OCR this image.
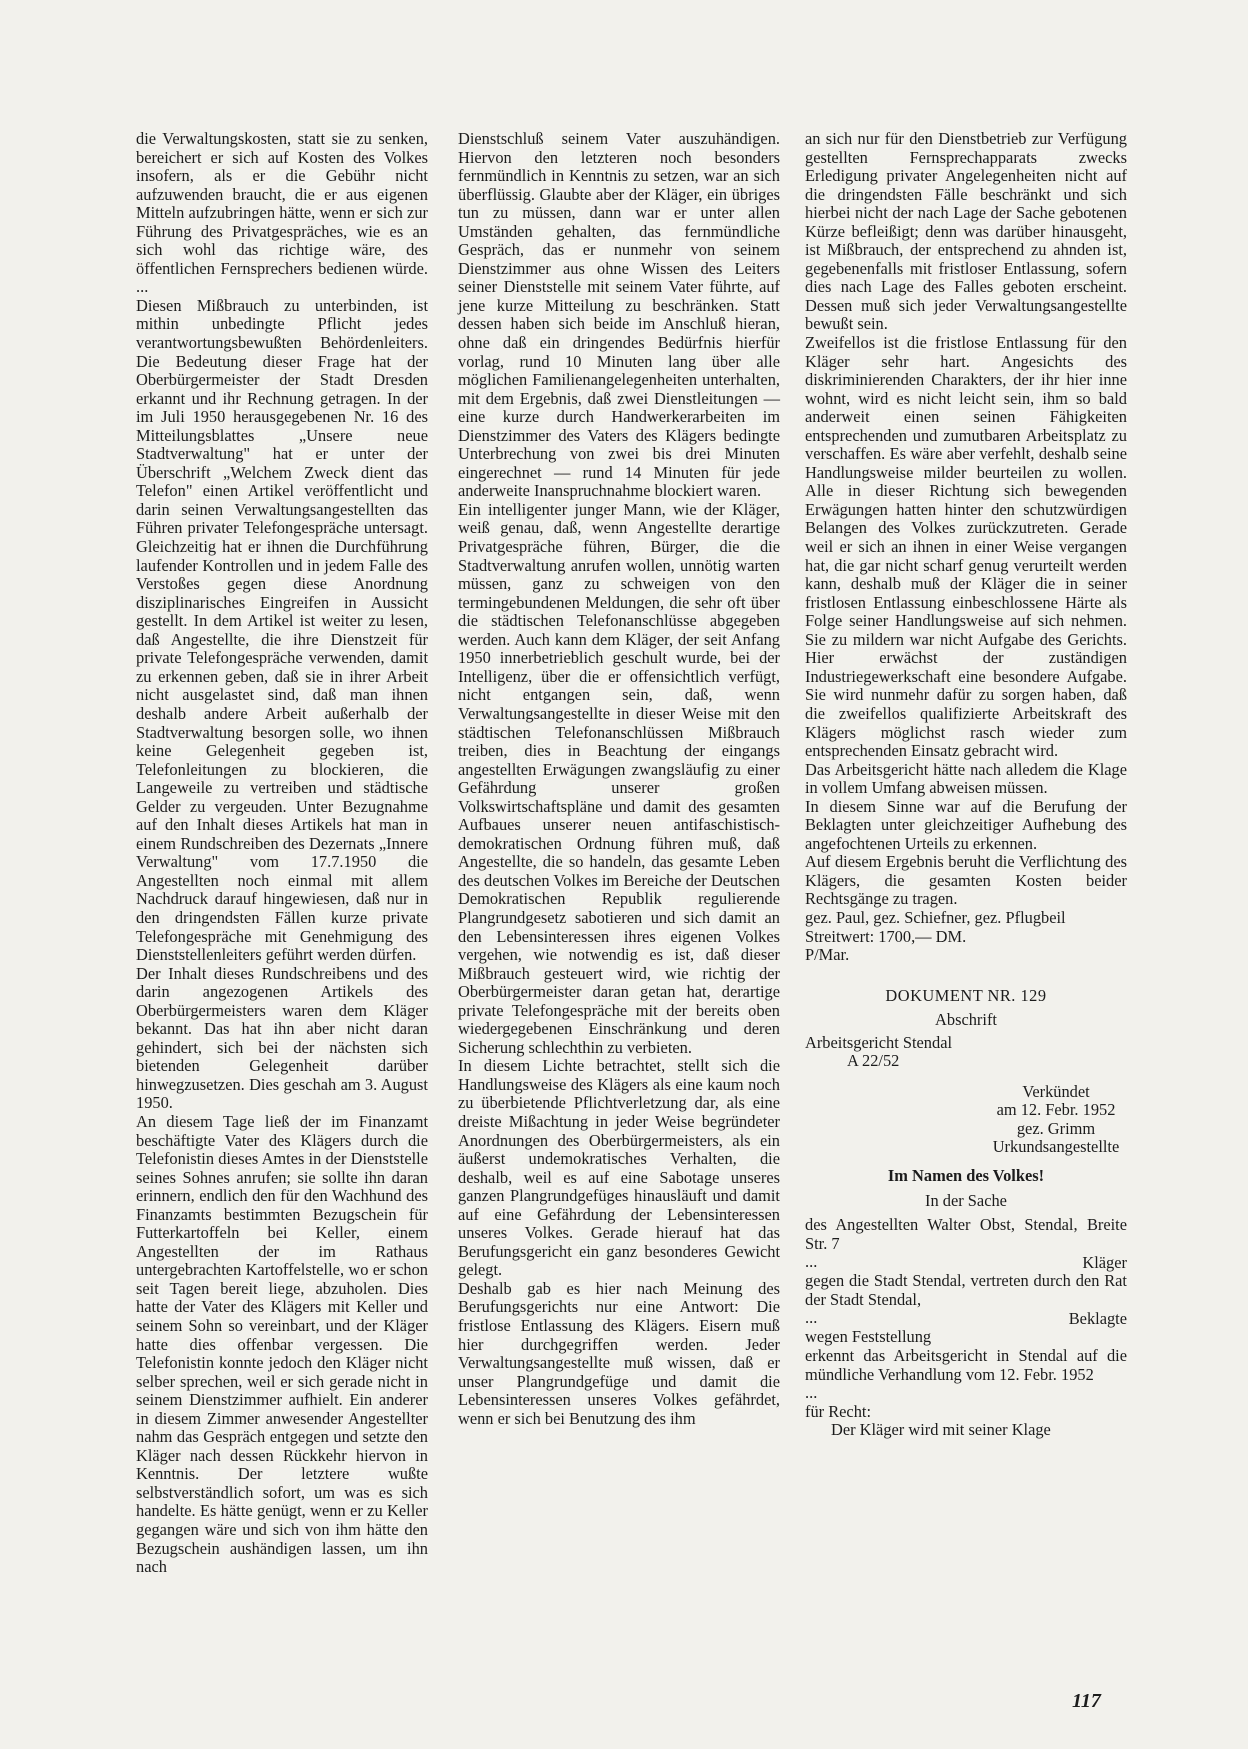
die Verwaltungskosten, statt sie zu senken, bereichert er sich auf Kosten des Volkes insofern, als er die Gebühr nicht aufzuwenden braucht, die er aus eigenen Mitteln aufzubringen hätte, wenn er sich zur Führung des Privatgespräches, wie es an sich wohl das richtige wäre, des öffentlichen Fernsprechers bedienen würde. ...

Diesen Mißbrauch zu unterbinden, ist mithin unbedingte Pflicht jedes verantwortungsbewußten Behördenleiters. Die Bedeutung dieser Frage hat der Oberbürgermeister der Stadt Dresden erkannt und ihr Rechnung getragen. In der im Juli 1950 herausgegebenen Nr. 16 des Mitteilungsblattes „Unsere neue Stadtverwaltung" hat er unter der Überschrift „Welchem Zweck dient das Telefon" einen Artikel veröffentlicht und darin seinen Verwaltungsangestellten das Führen privater Telefongespräche untersagt. Gleichzeitig hat er ihnen die Durchführung laufender Kontrollen und in jedem Falle des Verstoßes gegen diese Anordnung disziplinarisches Eingreifen in Aussicht gestellt. In dem Artikel ist weiter zu lesen, daß Angestellte, die ihre Dienstzeit für private Telefongespräche verwenden, damit zu erkennen geben, daß sie in ihrer Arbeit nicht ausgelastet sind, daß man ihnen deshalb andere Arbeit außerhalb der Stadtverwaltung besorgen solle, wo ihnen keine Gelegenheit gegeben ist, Telefonleitungen zu blockieren, die Langeweile zu vertreiben und städtische Gelder zu vergeuden. Unter Bezugnahme auf den Inhalt dieses Artikels hat man in einem Rundschreiben des Dezernats „Innere Verwaltung" vom 17.7.1950 die Angestellten noch einmal mit allem Nachdruck darauf hingewiesen, daß nur in den dringendsten Fällen kurze private Telefongespräche mit Genehmigung des Dienststellenleiters geführt werden dürfen.

Der Inhalt dieses Rundschreibens und des darin angezogenen Artikels des Oberbürgermeisters waren dem Kläger bekannt. Das hat ihn aber nicht daran gehindert, sich bei der nächsten sich bietenden Gelegenheit darüber hinwegzusetzen. Dies geschah am 3. August 1950.

An diesem Tage ließ der im Finanzamt beschäftigte Vater des Klägers durch die Telefonistin dieses Amtes in der Dienststelle seines Sohnes anrufen; sie sollte ihn daran erinnern, endlich den für den Wachhund des Finanzamts bestimmten Bezugschein für Futterkartoffeln bei Keller, einem Angestellten der im Rathaus untergebrachten Kartoffelstelle, wo er schon seit Tagen bereit liege, abzuholen. Dies hatte der Vater des Klägers mit Keller und seinem Sohn so vereinbart, und der Kläger hatte dies offenbar vergessen. Die Telefonistin konnte jedoch den Kläger nicht selber sprechen, weil er sich gerade nicht in seinem Dienstzimmer aufhielt. Ein anderer in diesem Zimmer anwesender Angestellter nahm das Gespräch entgegen und setzte den Kläger nach dessen Rückkehr hiervon in Kenntnis. Der letztere wußte selbstverständlich sofort, um was es sich handelte. Es hätte genügt, wenn er zu Keller gegangen wäre und sich von ihm hätte den Bezugschein aushändigen lassen, um ihn nach

Dienstschluß seinem Vater auszuhändigen. Hiervon den letzteren noch besonders fernmündlich in Kenntnis zu setzen, war an sich überflüssig. Glaubte aber der Kläger, ein übriges tun zu müssen, dann war er unter allen Umständen gehalten, das fernmündliche Gespräch, das er nunmehr von seinem Dienstzimmer aus ohne Wissen des Leiters seiner Dienststelle mit seinem Vater führte, auf jene kurze Mitteilung zu beschränken. Statt dessen haben sich beide im Anschluß hieran, ohne daß ein dringendes Bedürfnis hierfür vorlag, rund 10 Minuten lang über alle möglichen Familienangelegenheiten unterhalten, mit dem Ergebnis, daß zwei Dienstleitungen — eine kurze durch Handwerkerarbeiten im Dienstzimmer des Vaters des Klägers bedingte Unterbrechung von zwei bis drei Minuten eingerechnet — rund 14 Minuten für jede anderweite Inanspruchnahme blockiert waren.

Ein intelligenter junger Mann, wie der Kläger, weiß genau, daß, wenn Angestellte derartige Privatgespräche führen, Bürger, die die Stadtverwaltung anrufen wollen, unnötig warten müssen, ganz zu schweigen von den termingebundenen Meldungen, die sehr oft über die städtischen Telefonanschlüsse abgegeben werden. Auch kann dem Kläger, der seit Anfang 1950 innerbetrieblich geschult wurde, bei der Intelligenz, über die er offensichtlich verfügt, nicht entgangen sein, daß, wenn Verwaltungsangestellte in dieser Weise mit den städtischen Telefonanschlüssen Mißbrauch treiben, dies in Beachtung der eingangs angestellten Erwägungen zwangsläufig zu einer Gefährdung unserer großen Volkswirtschaftspläne und damit des gesamten Aufbaues unserer neuen antifaschistisch-demokratischen Ordnung führen muß, daß Angestellte, die so handeln, das gesamte Leben des deutschen Volkes im Bereiche der Deutschen Demokratischen Republik regulierende Plangrundgesetz sabotieren und sich damit an den Lebensinteressen ihres eigenen Volkes vergehen, wie notwendig es ist, daß dieser Mißbrauch gesteuert wird, wie richtig der Oberbürgermeister daran getan hat, derartige private Telefongespräche mit der bereits oben wiedergegebenen Einschränkung und deren Sicherung schlechthin zu verbieten.

In diesem Lichte betrachtet, stellt sich die Handlungsweise des Klägers als eine kaum noch zu überbietende Pflichtverletzung dar, als eine dreiste Mißachtung in jeder Weise begründeter Anordnungen des Oberbürgermeisters, als ein äußerst undemokratisches Verhalten, die deshalb, weil es auf eine Sabotage unseres ganzen Plangrundgefüges hinausläuft und damit auf eine Gefährdung der Lebensinteressen unseres Volkes. Gerade hierauf hat das Berufungsgericht ein ganz besonderes Gewicht gelegt.

Deshalb gab es hier nach Meinung des Berufungsgerichts nur eine Antwort: Die fristlose Entlassung des Klägers. Eisern muß hier durchgegriffen werden. Jeder Verwaltungsangestellte muß wissen, daß er unser Plangrundgefüge und damit die Lebensinteressen unseres Volkes gefährdet, wenn er sich bei Benutzung des ihm

an sich nur für den Dienstbetrieb zur Verfügung gestellten Fernsprechapparats zwecks Erledigung privater Angelegenheiten nicht auf die dringendsten Fälle beschränkt und sich hierbei nicht der nach Lage der Sache gebotenen Kürze befleißigt; denn was darüber hinausgeht, ist Mißbrauch, der entsprechend zu ahnden ist, gegebenenfalls mit fristloser Entlassung, sofern dies nach Lage des Falles geboten erscheint. Dessen muß sich jeder Verwaltungsangestellte bewußt sein.

Zweifellos ist die fristlose Entlassung für den Kläger sehr hart. Angesichts des diskriminierenden Charakters, der ihr hier inne wohnt, wird es nicht leicht sein, ihm so bald anderweit einen seinen Fähigkeiten entsprechenden und zumutbaren Arbeitsplatz zu verschaffen. Es wäre aber verfehlt, deshalb seine Handlungsweise milder beurteilen zu wollen. Alle in dieser Richtung sich bewegenden Erwägungen hatten hinter den schutzwürdigen Belangen des Volkes zurückzutreten. Gerade weil er sich an ihnen in einer Weise vergangen hat, die gar nicht scharf genug verurteilt werden kann, deshalb muß der Kläger die in seiner fristlosen Entlassung einbeschlossene Härte als Folge seiner Handlungsweise auf sich nehmen. Sie zu mildern war nicht Aufgabe des Gerichts. Hier erwächst der zuständigen Industriegewerkschaft eine besondere Aufgabe. Sie wird nunmehr dafür zu sorgen haben, daß die zweifellos qualifizierte Arbeitskraft des Klägers möglichst rasch wieder zum entsprechenden Einsatz gebracht wird.

Das Arbeitsgericht hätte nach alledem die Klage in vollem Umfang abweisen müssen.

In diesem Sinne war auf die Berufung der Beklagten unter gleichzeitiger Aufhebung des angefochtenen Urteils zu erkennen.

Auf diesem Ergebnis beruht die Verflichtung des Klägers, die gesamten Kosten beider Rechtsgänge zu tragen.

gez. Paul, gez. Schiefner, gez. Pflugbeil

Streitwert: 1700,— DM.

P/Mar.

DOKUMENT NR. 129

Abschrift

Arbeitsgericht Stendal

A 22/52

Verkündet

am 12. Febr. 1952

gez. Grimm

Urkundsangestellte

Im Namen des Volkes!

In der Sache

des Angestellten Walter Obst, Stendal, Breite Str. 7

...	Kläger

gegen die Stadt Stendal, vertreten durch den Rat der Stadt Stendal,

...	Beklagte

wegen Feststellung

erkennt das Arbeitsgericht in Stendal auf die mündliche Verhandlung vom 12. Febr. 1952

...

für Recht:

Der Kläger wird mit seiner Klage

117
